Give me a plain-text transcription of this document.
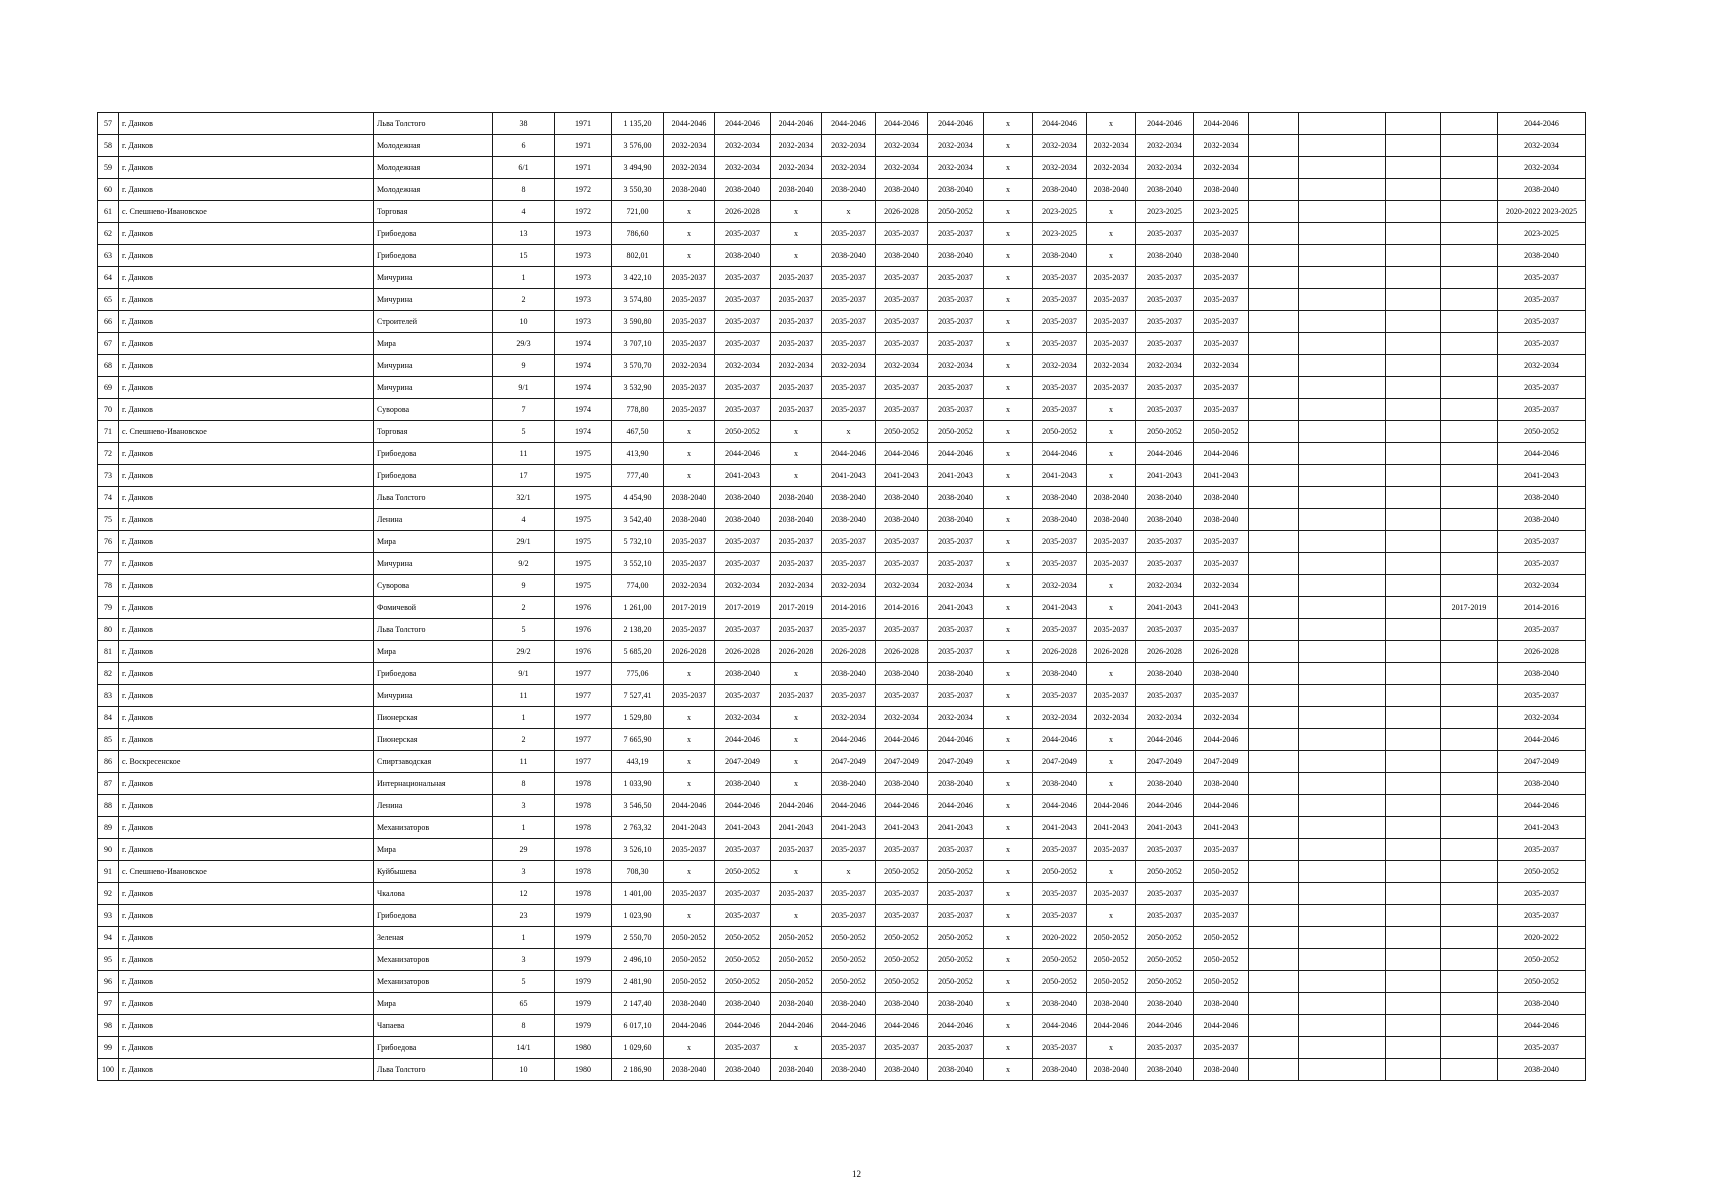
57	г. Данков	Льва Толстого	38	1971	1 135,20	2044-2046	2044-2046	2044-2046	2044-2046	2044-2046	2044-2046	х	2044-2046	х	2044-2046	2044-2046					2044-2046
58	г. Данков	Молодежная	6	1971	3 576,00	2032-2034	2032-2034	2032-2034	2032-2034	2032-2034	2032-2034	х	2032-2034	2032-2034	2032-2034	2032-2034					2032-2034
59	г. Данков	Молодежная	6/1	1971	3 494,90	2032-2034	2032-2034	2032-2034	2032-2034	2032-2034	2032-2034	х	2032-2034	2032-2034	2032-2034	2032-2034					2032-2034
60	г. Данков	Молодежная	8	1972	3 550,30	2038-2040	2038-2040	2038-2040	2038-2040	2038-2040	2038-2040	х	2038-2040	2038-2040	2038-2040	2038-2040					2038-2040
61	с. Спешнево-Ивановское	Торговая	4	1972	721,00	х	2026-2028	х	х	2026-2028	2050-2052	х	2023-2025	х	2023-2025	2023-2025					2020-2022 2023-2025
62	г. Данков	Грибоедова	13	1973	786,60	х	2035-2037	х	2035-2037	2035-2037	2035-2037	х	2023-2025	х	2035-2037	2035-2037					2023-2025
63	г. Данков	Грибоедова	15	1973	802,01	х	2038-2040	х	2038-2040	2038-2040	2038-2040	х	2038-2040	х	2038-2040	2038-2040					2038-2040
64	г. Данков	Мичурина	1	1973	3 422,10	2035-2037	2035-2037	2035-2037	2035-2037	2035-2037	2035-2037	х	2035-2037	2035-2037	2035-2037	2035-2037					2035-2037
65	г. Данков	Мичурина	2	1973	3 574,80	2035-2037	2035-2037	2035-2037	2035-2037	2035-2037	2035-2037	х	2035-2037	2035-2037	2035-2037	2035-2037					2035-2037
66	г. Данков	Строителей	10	1973	3 590,80	2035-2037	2035-2037	2035-2037	2035-2037	2035-2037	2035-2037	х	2035-2037	2035-2037	2035-2037	2035-2037					2035-2037
67	г. Данков	Мира	29/3	1974	3 707,10	2035-2037	2035-2037	2035-2037	2035-2037	2035-2037	2035-2037	х	2035-2037	2035-2037	2035-2037	2035-2037					2035-2037
68	г. Данков	Мичурина	9	1974	3 570,70	2032-2034	2032-2034	2032-2034	2032-2034	2032-2034	2032-2034	х	2032-2034	2032-2034	2032-2034	2032-2034					2032-2034
69	г. Данков	Мичурина	9/1	1974	3 532,90	2035-2037	2035-2037	2035-2037	2035-2037	2035-2037	2035-2037	х	2035-2037	2035-2037	2035-2037	2035-2037					2035-2037
70	г. Данков	Суворова	7	1974	778,80	2035-2037	2035-2037	2035-2037	2035-2037	2035-2037	2035-2037	х	2035-2037	х	2035-2037	2035-2037					2035-2037
71	с. Спешнево-Ивановское	Торговая	5	1974	467,50	х	2050-2052	х	х	2050-2052	2050-2052	х	2050-2052	х	2050-2052	2050-2052					2050-2052
72	г. Данков	Грибоедова	11	1975	413,90	х	2044-2046	х	2044-2046	2044-2046	2044-2046	х	2044-2046	х	2044-2046	2044-2046					2044-2046
73	г. Данков	Грибоедова	17	1975	777,40	х	2041-2043	х	2041-2043	2041-2043	2041-2043	х	2041-2043	х	2041-2043	2041-2043					2041-2043
74	г. Данков	Льва Толстого	32/1	1975	4 454,90	2038-2040	2038-2040	2038-2040	2038-2040	2038-2040	2038-2040	х	2038-2040	2038-2040	2038-2040	2038-2040					2038-2040
75	г. Данков	Ленина	4	1975	3 542,40	2038-2040	2038-2040	2038-2040	2038-2040	2038-2040	2038-2040	х	2038-2040	2038-2040	2038-2040	2038-2040					2038-2040
76	г. Данков	Мира	29/1	1975	5 732,10	2035-2037	2035-2037	2035-2037	2035-2037	2035-2037	2035-2037	х	2035-2037	2035-2037	2035-2037	2035-2037					2035-2037
77	г. Данков	Мичурина	9/2	1975	3 552,10	2035-2037	2035-2037	2035-2037	2035-2037	2035-2037	2035-2037	х	2035-2037	2035-2037	2035-2037	2035-2037					2035-2037
78	г. Данков	Суворова	9	1975	774,00	2032-2034	2032-2034	2032-2034	2032-2034	2032-2034	2032-2034	х	2032-2034	х	2032-2034	2032-2034					2032-2034
79	г. Данков	Фомичевой	2	1976	1 261,00	2017-2019	2017-2019	2017-2019	2014-2016	2014-2016	2041-2043	х	2041-2043	х	2041-2043	2041-2043				2017-2019	2014-2016
80	г. Данков	Льва Толстого	5	1976	2 138,20	2035-2037	2035-2037	2035-2037	2035-2037	2035-2037	2035-2037	х	2035-2037	2035-2037	2035-2037	2035-2037					2035-2037
81	г. Данков	Мира	29/2	1976	5 685,20	2026-2028	2026-2028	2026-2028	2026-2028	2026-2028	2035-2037	х	2026-2028	2026-2028	2026-2028	2026-2028					2026-2028
82	г. Данков	Грибоедова	9/1	1977	775,06	х	2038-2040	х	2038-2040	2038-2040	2038-2040	х	2038-2040	х	2038-2040	2038-2040					2038-2040
83	г. Данков	Мичурина	11	1977	7 527,41	2035-2037	2035-2037	2035-2037	2035-2037	2035-2037	2035-2037	х	2035-2037	2035-2037	2035-2037	2035-2037					2035-2037
84	г. Данков	Пионерская	1	1977	1 529,80	х	2032-2034	х	2032-2034	2032-2034	2032-2034	х	2032-2034	2032-2034	2032-2034	2032-2034					2032-2034
85	г. Данков	Пионерская	2	1977	7 665,90	х	2044-2046	х	2044-2046	2044-2046	2044-2046	х	2044-2046	х	2044-2046	2044-2046					2044-2046
86	с. Воскресенское	Спиртзаводская	11	1977	443,19	х	2047-2049	х	2047-2049	2047-2049	2047-2049	х	2047-2049	х	2047-2049	2047-2049					2047-2049
87	г. Данков	Интернациональная	8	1978	1 033,90	х	2038-2040	х	2038-2040	2038-2040	2038-2040	х	2038-2040	х	2038-2040	2038-2040					2038-2040
88	г. Данков	Ленина	3	1978	3 546,50	2044-2046	2044-2046	2044-2046	2044-2046	2044-2046	2044-2046	х	2044-2046	2044-2046	2044-2046	2044-2046					2044-2046
89	г. Данков	Механизаторов	1	1978	2 763,32	2041-2043	2041-2043	2041-2043	2041-2043	2041-2043	2041-2043	х	2041-2043	2041-2043	2041-2043	2041-2043					2041-2043
90	г. Данков	Мира	29	1978	3 526,10	2035-2037	2035-2037	2035-2037	2035-2037	2035-2037	2035-2037	х	2035-2037	2035-2037	2035-2037	2035-2037					2035-2037
91	с. Спешнево-Ивановское	Куйбышева	3	1978	708,30	х	2050-2052	х	х	2050-2052	2050-2052	х	2050-2052	х	2050-2052	2050-2052					2050-2052
92	г. Данков	Чкалова	12	1978	1 401,00	2035-2037	2035-2037	2035-2037	2035-2037	2035-2037	2035-2037	х	2035-2037	2035-2037	2035-2037	2035-2037					2035-2037
93	г. Данков	Грибоедова	23	1979	1 023,90	х	2035-2037	х	2035-2037	2035-2037	2035-2037	х	2035-2037	х	2035-2037	2035-2037					2035-2037
94	г. Данков	Зеленая	1	1979	2 550,70	2050-2052	2050-2052	2050-2052	2050-2052	2050-2052	2050-2052	х	2020-2022	2050-2052	2050-2052	2050-2052					2020-2022
95	г. Данков	Механизаторов	3	1979	2 496,10	2050-2052	2050-2052	2050-2052	2050-2052	2050-2052	2050-2052	х	2050-2052	2050-2052	2050-2052	2050-2052					2050-2052
96	г. Данков	Механизаторов	5	1979	2 481,90	2050-2052	2050-2052	2050-2052	2050-2052	2050-2052	2050-2052	х	2050-2052	2050-2052	2050-2052	2050-2052					2050-2052
97	г. Данков	Мира	65	1979	2 147,40	2038-2040	2038-2040	2038-2040	2038-2040	2038-2040	2038-2040	х	2038-2040	2038-2040	2038-2040	2038-2040					2038-2040
98	г. Данков	Чапаева	8	1979	6 017,10	2044-2046	2044-2046	2044-2046	2044-2046	2044-2046	2044-2046	х	2044-2046	2044-2046	2044-2046	2044-2046					2044-2046
99	г. Данков	Грибоедова	14/1	1980	1 029,60	х	2035-2037	х	2035-2037	2035-2037	2035-2037	х	2035-2037	х	2035-2037	2035-2037					2035-2037
100	г. Данков	Льва Толстого	10	1980	2 186,90	2038-2040	2038-2040	2038-2040	2038-2040	2038-2040	2038-2040	х	2038-2040	2038-2040	2038-2040	2038-2040					2038-2040
12
